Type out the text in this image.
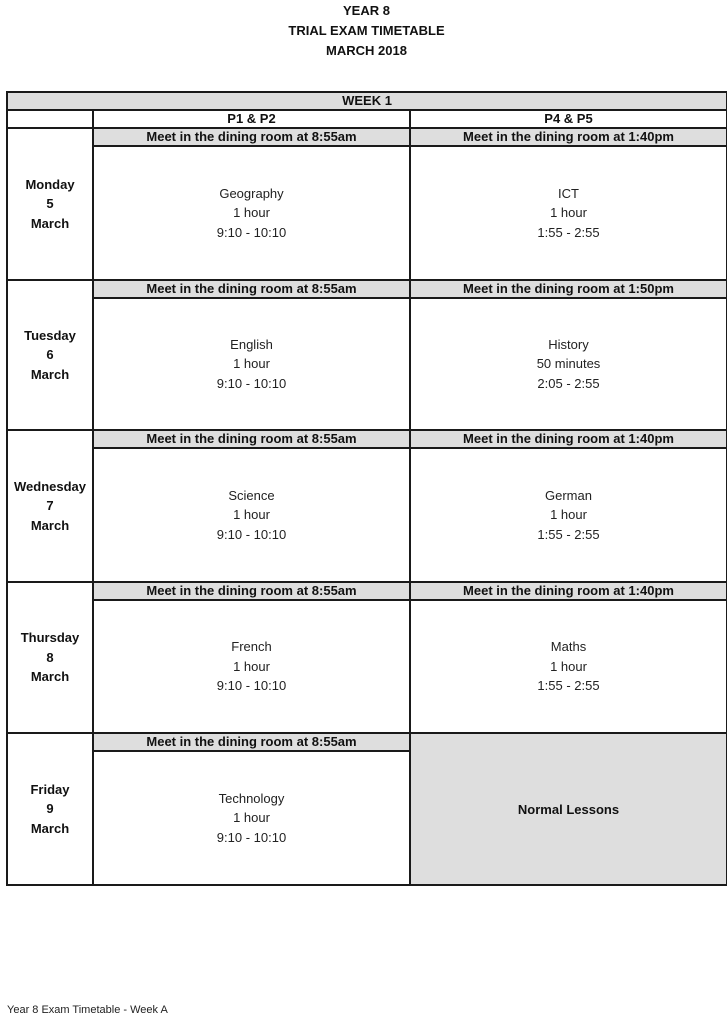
YEAR 8
TRIAL EXAM TIMETABLE
MARCH 2018
WEEK 1		
	P1 & P2	P4 & P5

Monday
5
March	Meet in the dining room at 8:55am	Meet in the dining room at 1:40pm

	Geography
1 hour
9:10 - 10:10	ICT
1 hour
1:55 - 2:55

Tuesday
6
March	Meet in the dining room at 8:55am	Meet in the dining room at 1:50pm

	English
1 hour
9:10 - 10:10	History
50 minutes
2:05 - 2:55

Wednesday
7
March	Meet in the dining room at 8:55am	Meet in the dining room at 1:40pm

	Science
1 hour
9:10 - 10:10	German
1 hour
1:55 - 2:55

Thursday
8
March	Meet in the dining room at 8:55am	Meet in the dining room at 1:40pm

	French
1 hour
9:10 - 10:10	Maths
1 hour
1:55 - 2:55

Friday
9
March	Meet in the dining room at 8:55am	Normal Lessons

	Technology
1 hour
9:10 - 10:10	
Year 8 Exam Timetable - Week A
